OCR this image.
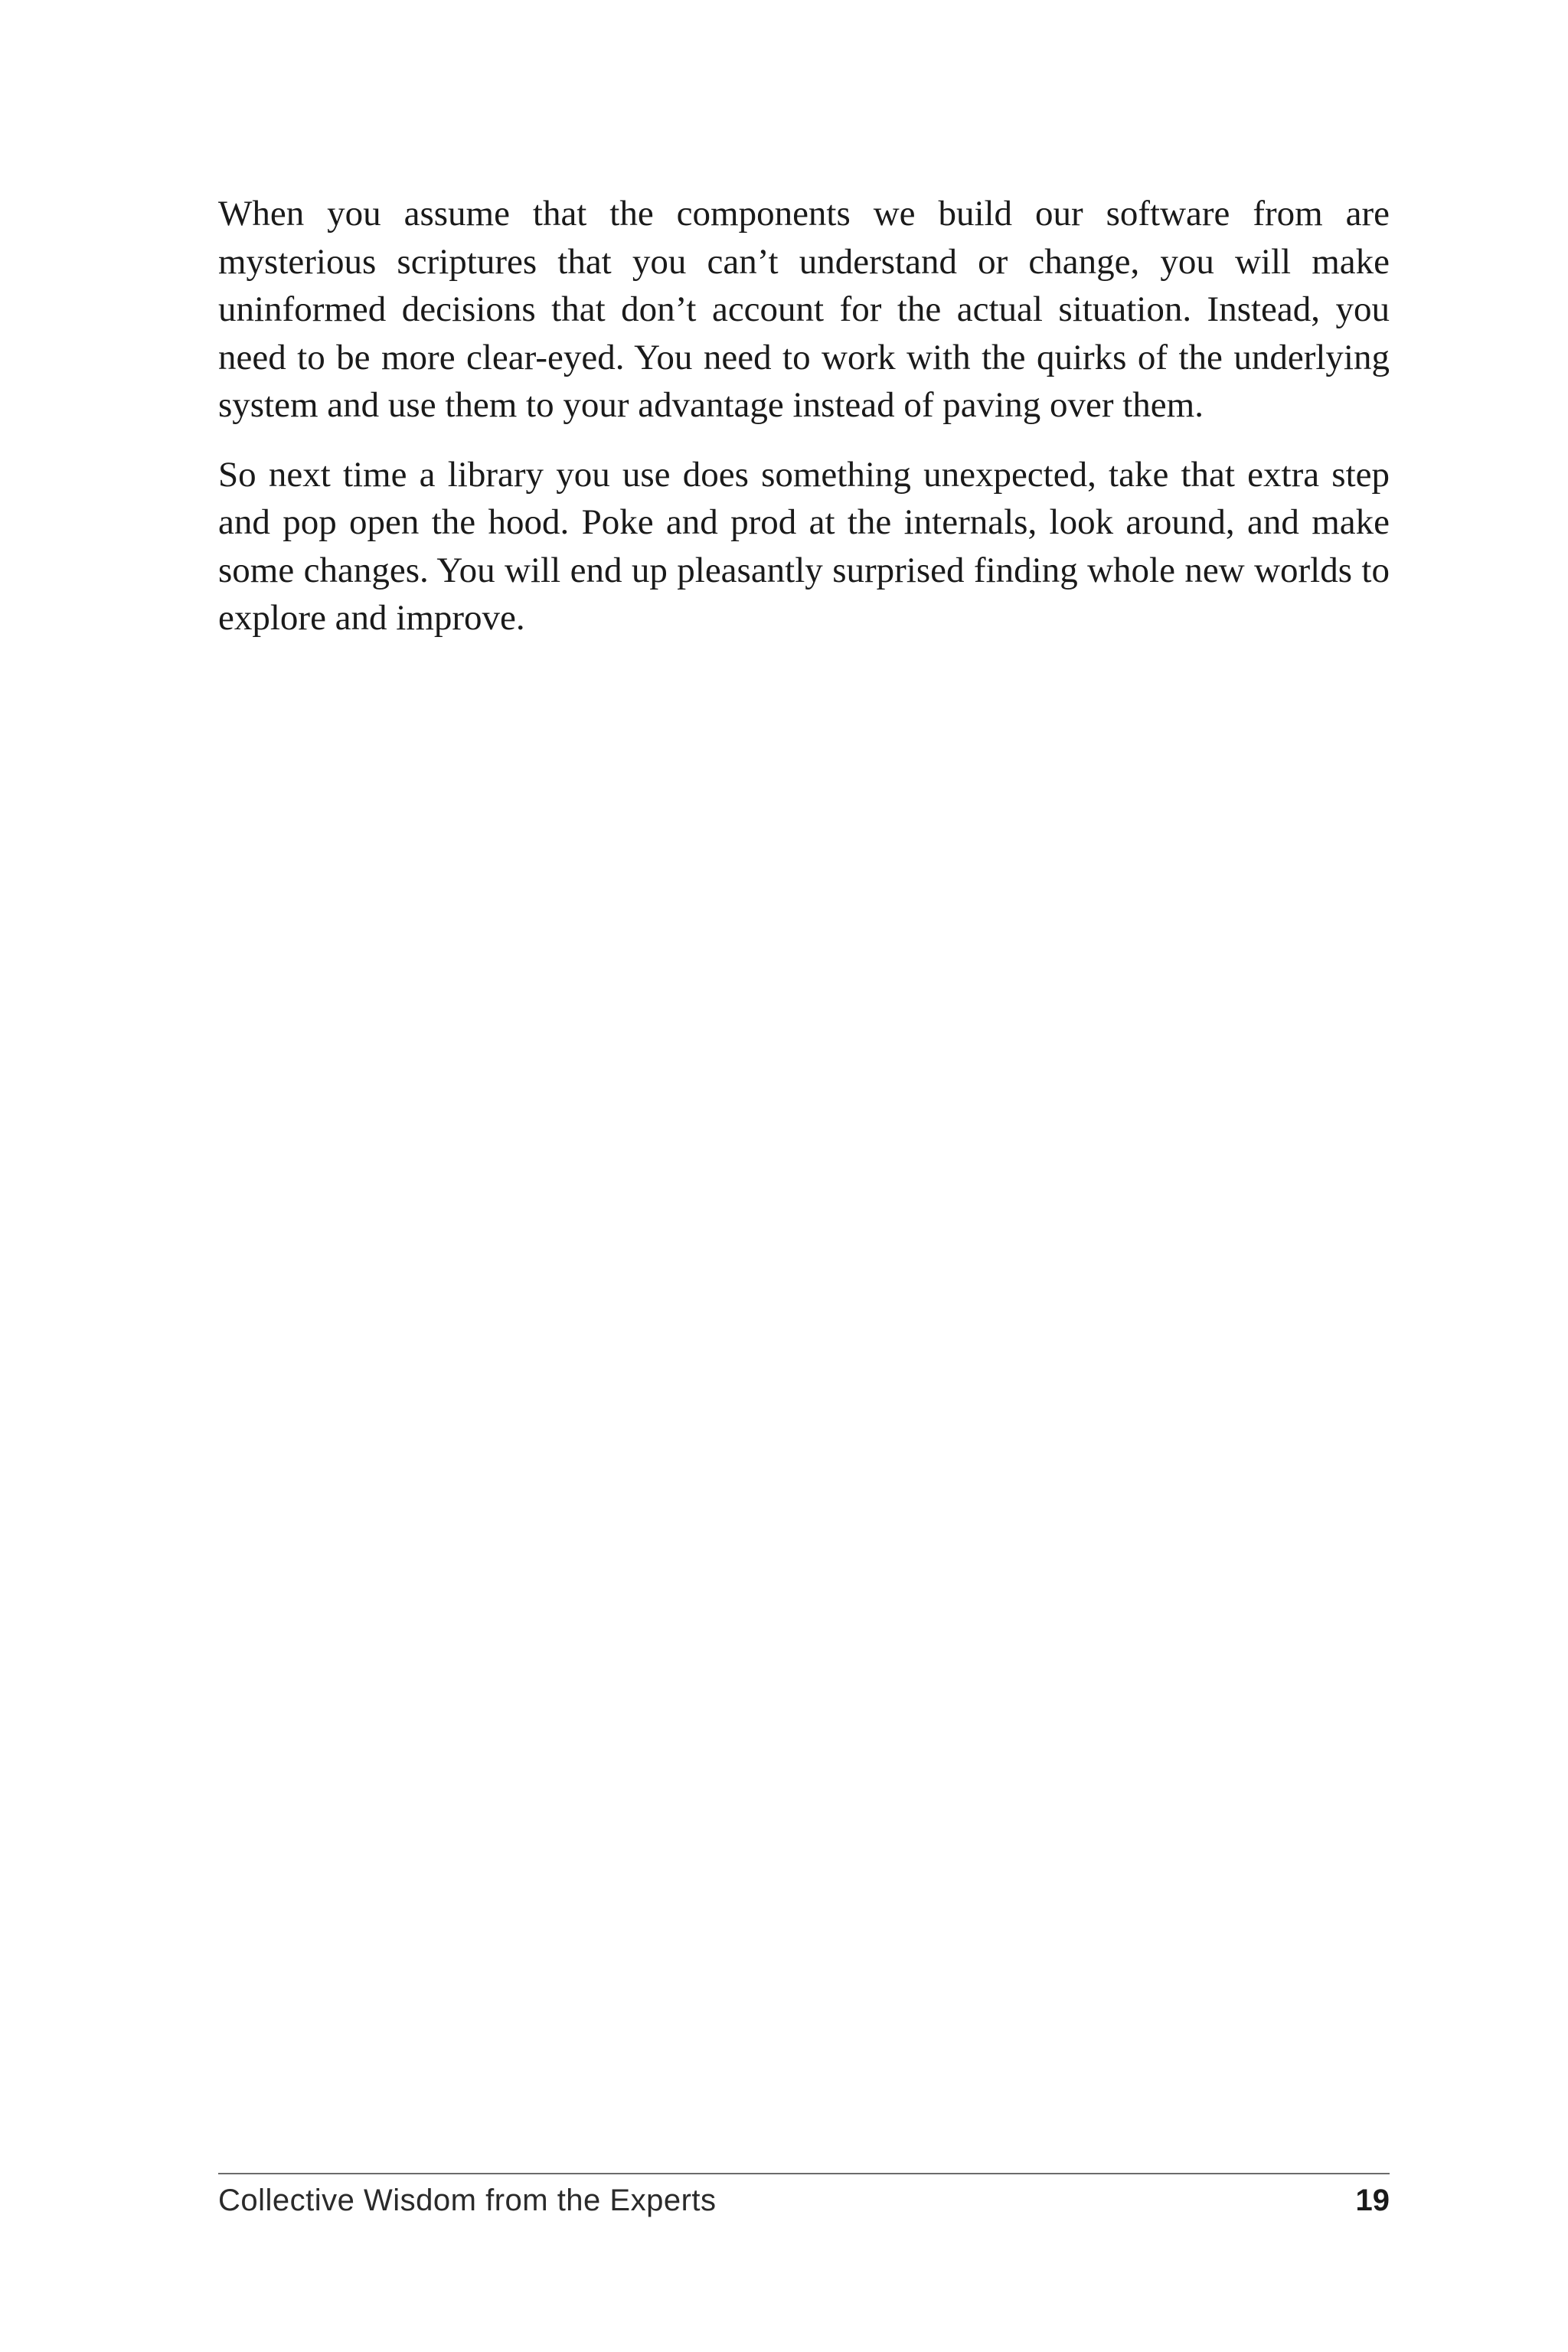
When you assume that the components we build our software from are mysterious scriptures that you can’t understand or change, you will make uninformed decisions that don’t account for the actual situation. Instead, you need to be more clear-eyed. You need to work with the quirks of the underlying system and use them to your advantage instead of paving over them.

So next time a library you use does something unexpected, take that extra step and pop open the hood. Poke and prod at the internals, look around, and make some changes. You will end up pleasantly surprised finding whole new worlds to explore and improve.

Collective Wisdom from the Experts	19
